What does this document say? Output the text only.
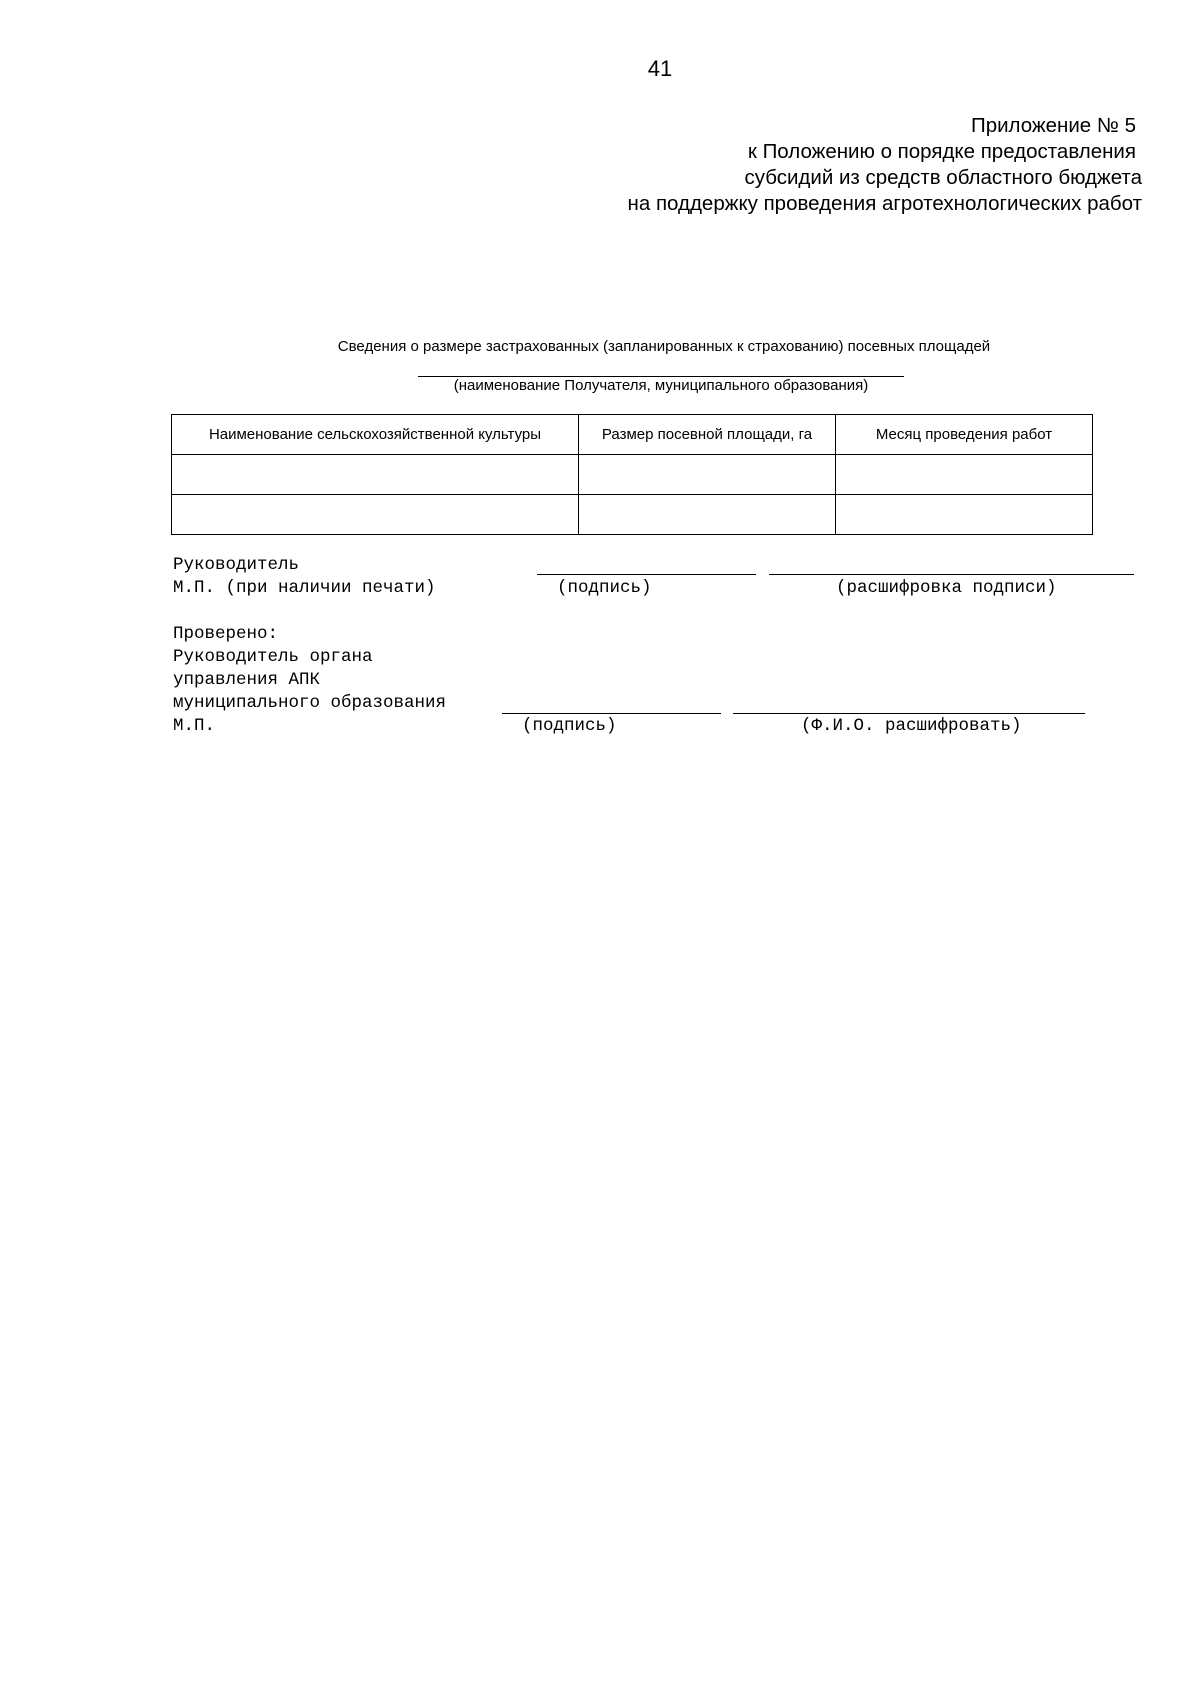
41
Приложение № 5
к Положению о порядке предоставления
субсидий из средств областного бюджета
на поддержку проведения агротехнологических работ
Сведения о размере застрахованных (запланированных к страхованию) посевных площадей
(наименование Получателя, муниципального образования)
Наименование сельскохозяйственной культуры	Размер посевной площади, га	Месяц проведения работ

Руководитель
М.П. (при наличии печати)	(подпись)	(расшифровка подписи)
Проверено:
Руководитель органа
управления АПК
муниципального образования
М.П.	(подпись)	(Ф.И.О. расшифровать)
